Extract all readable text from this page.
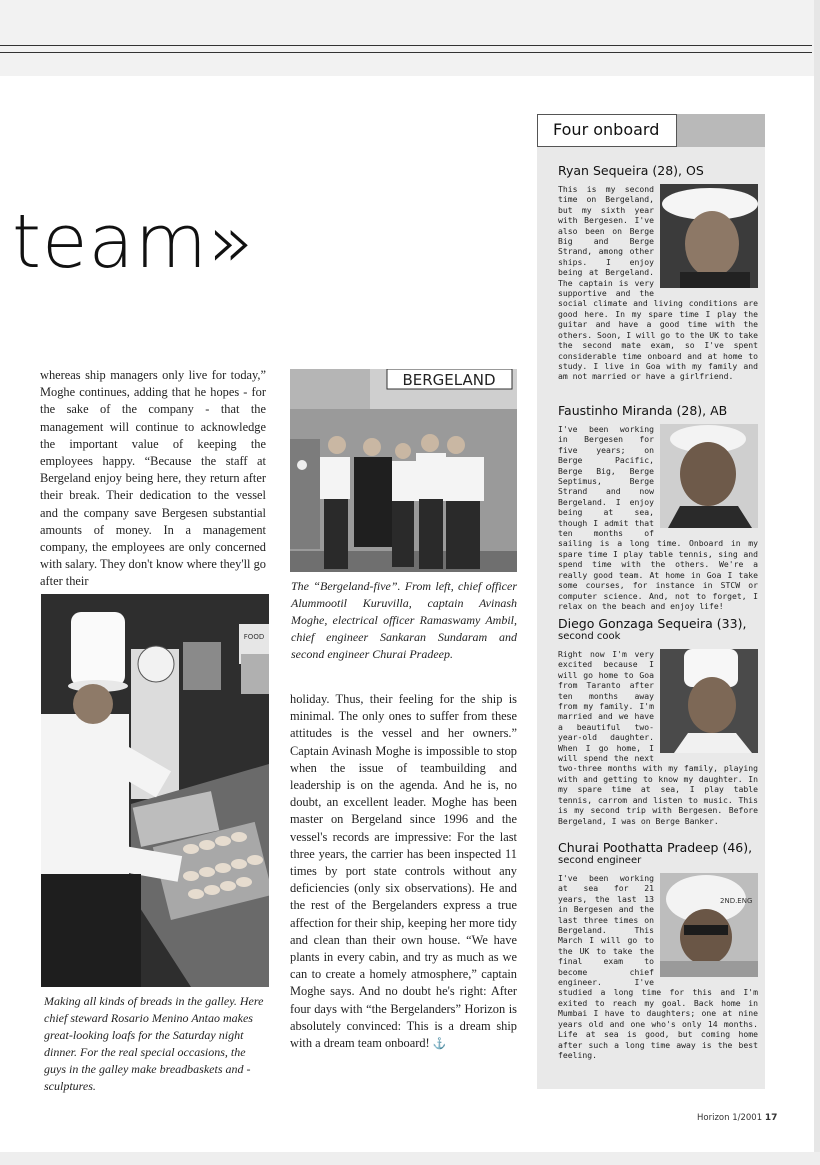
team»

whereas ship managers only live for today,” Moghe continues, adding that he hopes - for the sake of the company - that the management will continue to acknowledge the important value of keeping the employees happy. “Because the staff at Bergeland enjoy being here, they return after their break. Their dedication to the vessel and the company save Bergesen substantial amounts of money. In a management company, the employees are only concerned with salary. They don't know where they'll go after their

BERGELAND
The “Bergeland-five”. From left, chief officer Alummootil Kuruvilla, captain Avinash Moghe, electrical officer Ramaswamy Ambil, chief engineer Sankaran Sundaram and second engineer Churai Pradeep.
FOOD
Making all kinds of breads in the galley. Here chief steward Rosario Menino Antao makes great-looking loafs for the Saturday night dinner. For the real special occasions, the guys in the galley make breadbaskets and -sculptures.

holiday. Thus, their feeling for the ship is minimal. The only ones to suffer from these attitudes is the vessel and her owners.” Captain Avinash Moghe is impossible to stop when the issue of teambuilding and leadership is on the agenda. And he is, no doubt, an excellent leader. Moghe has been master on Bergeland since 1996 and the vessel's records are impressive: For the last three years, the carrier has been inspected 11 times by port state controls without any deficiencies (only six observations). He and the rest of the Bergelanders express a true affection for their ship, keeping her more tidy and clean than their own house. “We have plants in every cabin, and try as much as we can to create a homely atmosphere,” captain Moghe says. And no doubt he's right: After four days with “the Bergelanders” Horizon is absolutely convinced: This is a dream ship with a dream team onboard! ⚓

Four onboard
Ryan Sequeira (28), OS
This is my second time on Bergeland, but my sixth year with Bergesen. I've also been on Berge Big and Berge Strand, among other ships. I enjoy being at Bergeland. The captain is very supportive and the social climate and living conditions are good here. In my spare time I play the guitar and have a good time with the others. Soon, I will go to the UK to take the second mate exam, so I've spent considerable time onboard and at home to study. I live in Goa with my family and am not married or have a girlfriend.
Faustinho Miranda (28), AB
I've been working in Bergesen for five years; on Berge Pacific, Berge Big, Berge Septimus, Berge Strand and now Bergeland. I enjoy being at sea, though I admit that ten months of sailing is a long time. Onboard in my spare time I play table tennis, sing and spend time with the others. We're a really good team. At home in Goa I take some courses, for instance in STCW or computer science. And, not to forget, I relax on the beach and enjoy life!
Diego Gonzaga Sequeira (33),
second cook
Right now I'm very excited because I will go home to Goa from Taranto after ten months away from my family. I'm married and we have a beautiful two-year-old daughter. When I go home, I will spend the next two-three months with my family, playing with and getting to know my daughter. In my spare time at sea, I play table tennis, carrom and listen to music. This is my second trip with Bergesen. Before Bergeland, I was on Berge Banker.
Churai Poothatta Pradeep (46),
second engineer
2ND.ENG
I've been working at sea for 21 years, the last 13 in Bergesen and the last three times on Bergeland. This March I will go to the UK to take the final exam to become chief engineer. I've studied a long time for this and I'm exited to reach my goal. Back home in Mumbai I have to daughters; one at nine years old and one who's only 14 months. Life at sea is good, but coming home after such a long time away is the best feeling.
Horizon 1/2001 17
